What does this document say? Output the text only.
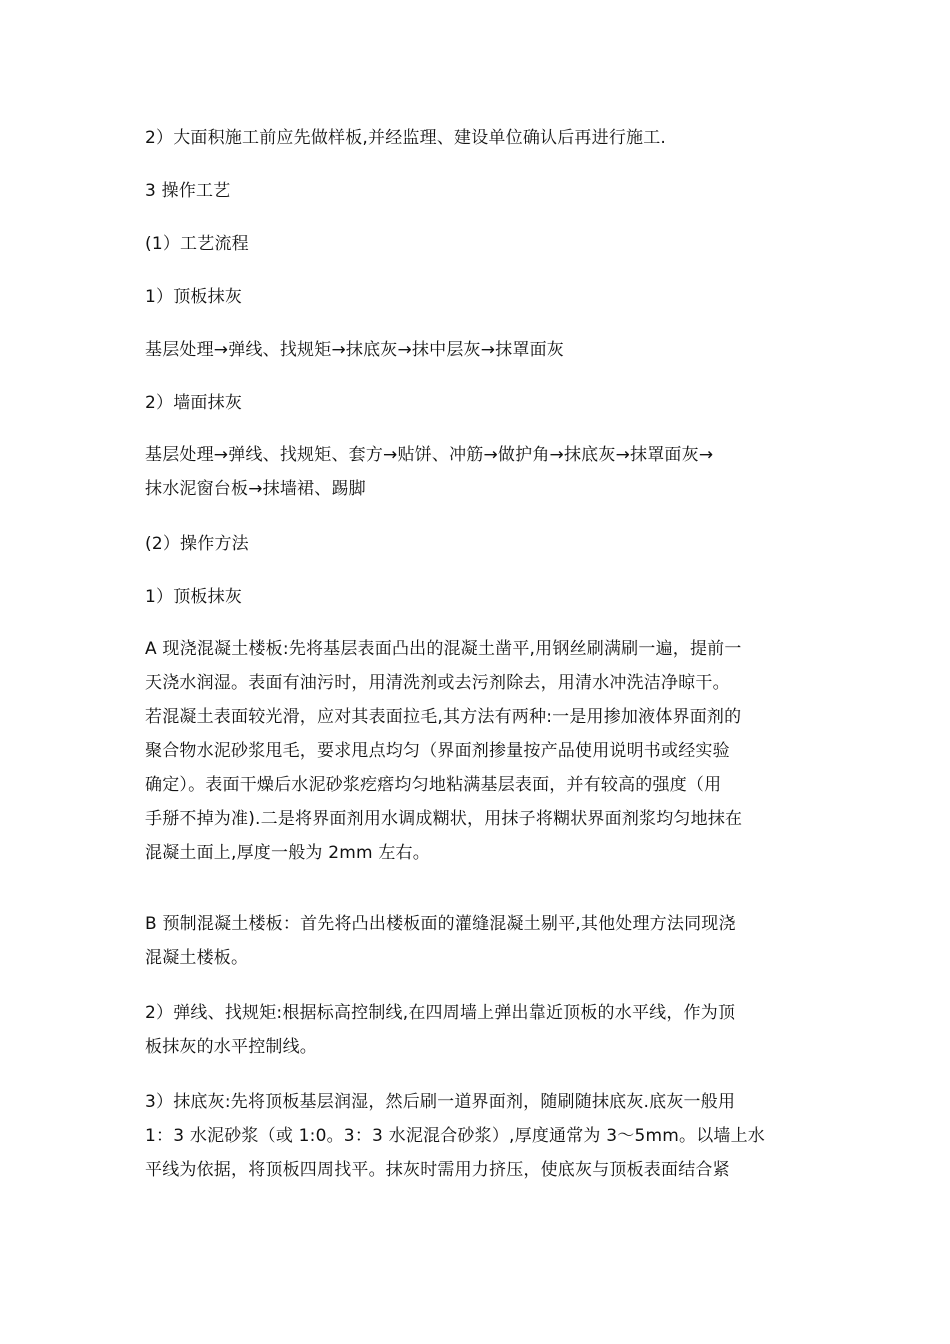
2）大面积施工前应先做样板,并经监理、建设单位确认后再进行施工.

3 操作工艺

(1）工艺流程

1）顶板抹灰

基层处理→弹线、找规矩→抹底灰→抹中层灰→抹罩面灰

2）墙面抹灰

基层处理→弹线、找规矩、套方→贴饼、冲筋→做护角→抹底灰→抹罩面灰→
抹水泥窗台板→抹墙裙、踢脚

(2）操作方法

1）顶板抹灰

A 现浇混凝土楼板:先将基层表面凸出的混凝土凿平,用钢丝刷满刷一遍，提前一
天浇水润湿。表面有油污时，用清洗剂或去污剂除去，用清水冲洗洁净晾干。
若混凝土表面较光滑，应对其表面拉毛,其方法有两种:一是用掺加液体界面剂的
聚合物水泥砂浆甩毛，要求甩点均匀（界面剂掺量按产品使用说明书或经实验
确定）。表面干燥后水泥砂浆疙瘩均匀地粘满基层表面，并有较高的强度（用
手掰不掉为准).二是将界面剂用水调成糊状，用抹子将糊状界面剂浆均匀地抹在
混凝土面上,厚度一般为 2mm 左右。
B 预制混凝土楼板：首先将凸出楼板面的灌缝混凝土剔平,其他处理方法同现浇
混凝土楼板。
2）弹线、找规矩:根据标高控制线,在四周墙上弹出靠近顶板的水平线，作为顶
板抹灰的水平控制线。
3）抹底灰:先将顶板基层润湿，然后刷一道界面剂，随刷随抹底灰.底灰一般用
1：3 水泥砂浆（或 1:0。3：3 水泥混合砂浆）,厚度通常为 3～5mm。以墙上水
平线为依据，将顶板四周找平。抹灰时需用力挤压，使底灰与顶板表面结合紧
